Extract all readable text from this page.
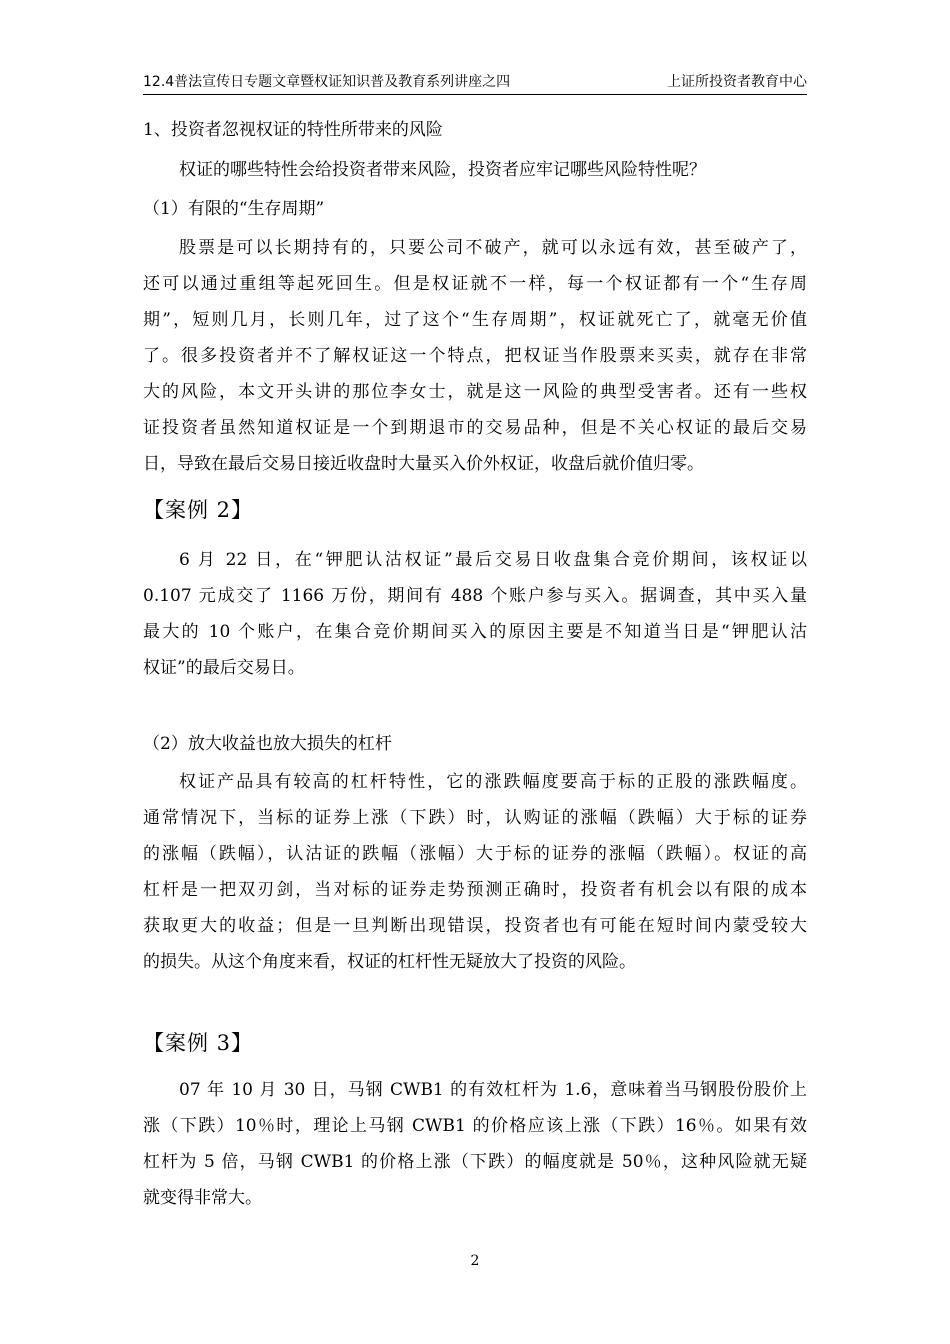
12.4普法宣传日专题文章暨权证知识普及教育系列讲座之四	上证所投资者教育中心
1、投资者忽视权证的特性所带来的风险
权证的哪些特性会给投资者带来风险，投资者应牢记哪些风险特性呢？
（1）有限的“生存周期”
股票是可以长期持有的，只要公司不破产，就可以永远有效，甚至破产了，
还可以通过重组等起死回生。但是权证就不一样，每一个权证都有一个“生存周
期”，短则几月，长则几年，过了这个“生存周期”，权证就死亡了，就毫无价值
了。很多投资者并不了解权证这一个特点，把权证当作股票来买卖，就存在非常
大的风险，本文开头讲的那位李女士，就是这一风险的典型受害者。还有一些权
证投资者虽然知道权证是一个到期退市的交易品种，但是不关心权证的最后交易
日，导致在最后交易日接近收盘时大量买入价外权证，收盘后就价值归零。
【案例 2】
6 月 22 日，在“钾肥认沽权证”最后交易日收盘集合竞价期间，该权证以
0.107 元成交了 1166 万份，期间有 488 个账户参与买入。据调查，其中买入量
最大的 10 个账户，在集合竞价期间买入的原因主要是不知道当日是“钾肥认沽
权证”的最后交易日。
（2）放大收益也放大损失的杠杆
权证产品具有较高的杠杆特性，它的涨跌幅度要高于标的正股的涨跌幅度。
通常情况下，当标的证券上涨（下跌）时，认购证的涨幅（跌幅）大于标的证券
的涨幅（跌幅），认沽证的跌幅（涨幅）大于标的证券的涨幅（跌幅）。权证的高
杠杆是一把双刃剑，当对标的证券走势预测正确时，投资者有机会以有限的成本
获取更大的收益；但是一旦判断出现错误，投资者也有可能在短时间内蒙受较大
的损失。从这个角度来看，权证的杠杆性无疑放大了投资的风险。
【案例 3】
07 年 10 月 30 日，马钢 CWB1 的有效杠杆为 1.6，意味着当马钢股份股价上
涨（下跌）10％时，理论上马钢 CWB1 的价格应该上涨（下跌）16％。如果有效
杠杆为 5 倍，马钢 CWB1 的价格上涨（下跌）的幅度就是 50％，这种风险就无疑
就变得非常大。
2
